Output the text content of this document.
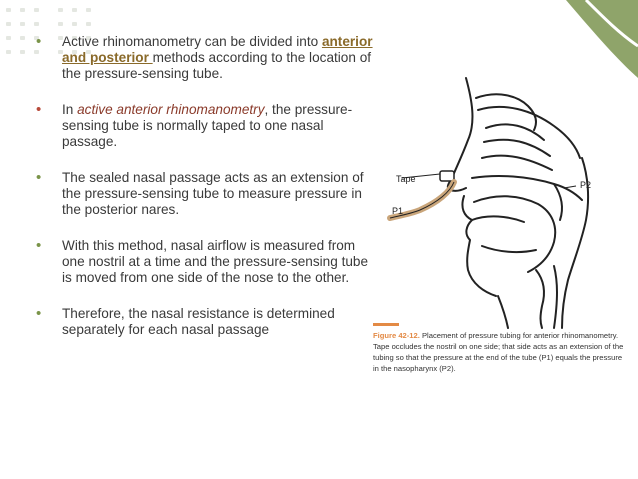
• Active rhinomanometry can be divided into anterior and posterior methods according to the location of the pressure-sensing tube.
• In active anterior rhinomanometry, the pressure-sensing tube is normally taped to one nasal passage.
• The sealed nasal passage acts as an extension of the pressure-sensing tube to measure pressure in the posterior nares.
• With this method, nasal airflow is measured from one nostril at a time and the pressure-sensing tube is moved from one side of the nose to the other.
• Therefore, the nasal resistance is determined separately for each nasal passage
Tape
P1
P2
Figure 42-12. Placement of pressure tubing for anterior rhinomanometry. Tape occludes the nostril on one side; that side acts as an extension of the tubing so that the pressure at the end of the tube (P1) equals the pressure in the nasopharynx (P2).
